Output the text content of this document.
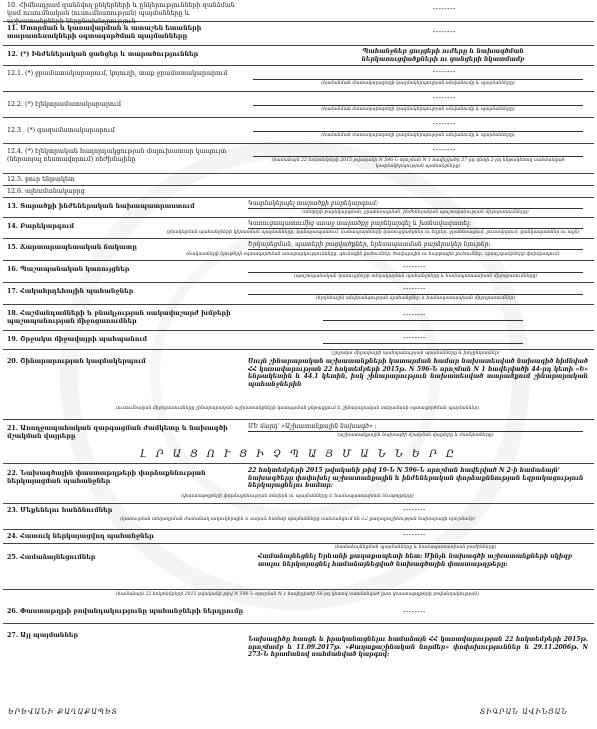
10. Հիմնադրամ զանձվող ընկերների և ընկերությունների զանձման կամ ուսումնական (ուսումնառության) պայմանները և աշխատանքների ներքնախնդրություն
--------
11. Մտորման և կառավարման և ատաշեն ետաների տարատեսակների օգտագործման պայմանները
--------
12. (*) Ինժեներական ցանցեր և տարածություններ	Պահանջներ ցույցերի ուժերը և նախագծման ներկառուցվածքների ու ցանցերի նկատմամբ
12.1. (*) ջրամատակարարում, կոյուղի, տաք ջրամատակարարում	--------
(համանման մատակարարողի կազմակերպության անվանումը և պայմանները)
12.2. (*) էլեկտրամատակարարում
--------
(համանման մատակարարողի կազմակերպության անվանումը և պայմանները)
12.3 . (*) գազամատակարարում
--------
(համանման մատակարարողի կազմակերպության անվանումը և պայմանները)
12.4. (*) էլեկտրական հաղորդակցության մալուխատար կապույտ (ներառյալ ռեստավորում) ռեժիմայինը
--------
(համաձայն 22 հոկտեմբերի 2015 թվականի N 596-Ն որոշման N 1 հավելվածի 57-րդ կետի 2-րդ ենթակետով սահմանված կազմակերպության պահանջները)
12.5. բուր ենթակետ
12.6. ալեամանակաբրց
13. Տարածքի ինժեներական նախապատրաստում	Կազմակերպել տարածքի բարեկարգում:
(տեղերի բարեկարգման, ջրահեռացման, ինժեներական պաշտպանության միջոցառումները)
14. Բարեկարգում	Կառուցապատումից առաջ տարածքը բարեկարգել և խոնավազատել:
(բնակեցման պահանջների կիրառման պայմանները, կանաչապատում, ճանապարհների կառուցվածքներ ու եզրեր, ջրահեռացում, լուսավորում, ցանկապատներ ու այլն)
15. Ճարտարապետական ճակատը	Երկարեցման, պատերի բացվածքներ, երեսապատման բարձրակեր նյութեր:
(ճակատների նյութերի օգտագործման առաջարկությունները, գունային լուծումներ, ծավալային ու հարթային լուծումներ, պատշգամբների փոխկապում)
16. Պաշտպանական կառույցներ	--------
(պաշտպանական կառույցների տեղակայման պահանջները և համապատասխան միջոցառումները)
17. Հակահրդեհային պահանջներ	--------
(հրդեհային անվտանգության պահանջներ և համապատասխան միջոցառումներ)
18. Հաշմանդամների և բնակչության սակավաշարժ խմբերի պաշտպանության միջոցառումներ
--------
19. Շրջակա միջավայրի պահպանում	--------
(շրջակա միջավայրի պահպանության պայմանները և խոչընդոտներ)
20. Շինարարության կազմակերպում	Սույն շինարարական աշխատանքների կատարման համար նախատեսված նախագիծ հիմնված ՀՀ կառավարության 22 հոկտեմբերի 2015թ. N 596-Ն որոշման N 1 հավելվածի 44-րդ կետի «Ե» ենթակետին և 44.1 կետին, իսկ շինարարություն նախատեսված տարածքում շինարարական պահանջներին
(ուսումնական միջոցառումները շինարարական աշխատանքների կատարման ընթացքում և շինարարական տեղամասի օգտագործման պայմաններ)
21. Առողջապահական զարգացման ժամկետը և նախագծի մշակման վայրերը
ՄԵ մարդ' «Աշխատանքային նախագծ» :
(աշխատանքային նախագծի մշակման վայրերը և ժամկետները)
Լ Ր Ա Ց Ո Ւ Ց Ի Չ Պ Ա Յ Մ Ա Ն Ն Ե Ր Ը
22. Նախագծային փաստաթղթերի փորձաքննության ներկայացման պահանջներ
22 հոկտեմբերի 2015 թվականի թիվ 19-Ն N 596-Ն որոշման հավելված N 2-ի համաձայն' նախագծերը փոփոխել աշխատանքային և ինժեներական փորձաքննության եզրակացություն ներկայացնելու համար:
(փաստաթղթերի փորձաքննության տեղերն ու պայմանները և համապատասխան ձևաթղթերը)
23. Մեքենելու հանձնումներ	--------
(կառուցման տեղադրման ժամանակ ոսկուկերպին և ոսկուն համար պայմանները սահմանվում են ՀՀ քաղաքաշինության նախարարի որոշմամբ)
24. Հատուկ ներկայացվող պահանջներ	--------
(համաձայնեցման պայմանները և համապատասխան բաժինները)
25. Համաձայնեցումներ	Համաձայնեցնել Երևանի քաղաքապետի հետ: Մինչև նախագծի աշխատանքների սկիզբ տալու ներկայացնել համաձայնեցված նախագծային փաստաթղթերը:
(համաձայն 22 հոկտեմբերի 2015 թվականի թիվ N 596-Ն որոշման N 1 հավելվածի 56-րդ կետով սահմանված ըստ փաստաթղթերի բովանդակության)
26. Փաստաթղթի բովանդակությունը պահանջների ներդրումը	--------
27. Այլ պայմաններ
Նախագիծը հասցե և իրականացնելու համաձայն ՀՀ կառավարության 22 հոկտեմբերի 2015թ. որոշմամբ և 11.09.2017թ. «Քաղաքաշինական նորմեր» փոփոխություններ և 29.11.2006թ. N 273-Ն հրամանով սահմանված կարգով:
ԵՐԵՎԱՆԻ ՔԱՂԱՔԱՊԵՏ	ՏԻԳՐԱՆ ԱՎԻՆՅԱՆ
